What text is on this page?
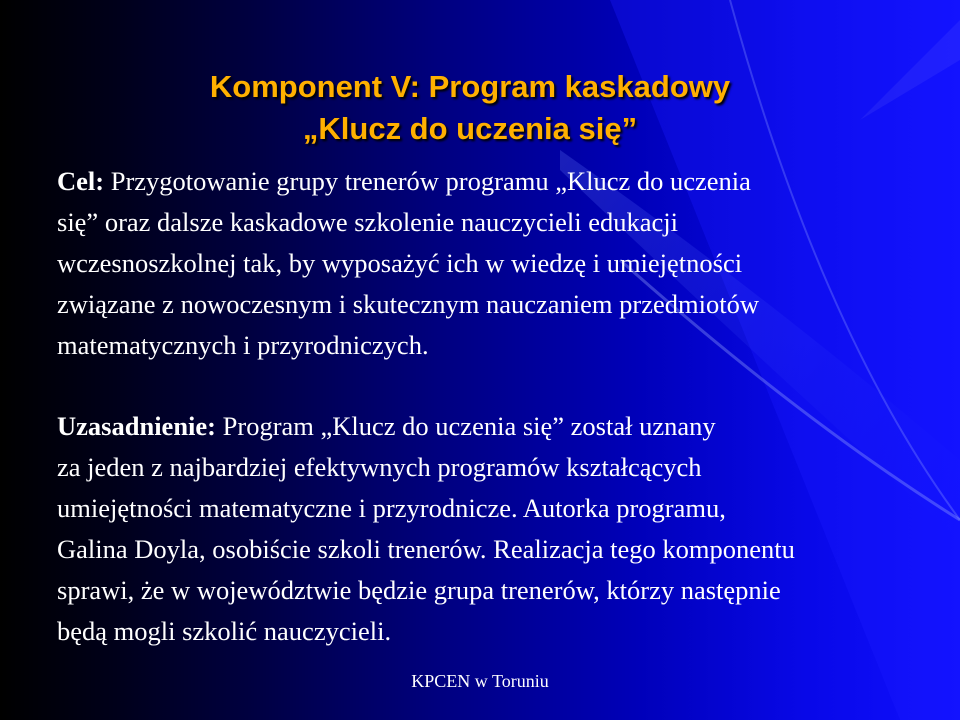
Komponent V: Program kaskadowy
„Klucz do uczenia się”
Cel: Przygotowanie grupy trenerów programu „Klucz do uczenia
się” oraz dalsze kaskadowe szkolenie nauczycieli edukacji
wczesnoszkolnej tak, by wyposażyć ich w wiedzę i umiejętności
związane z nowoczesnym i skutecznym nauczaniem przedmiotów
matematycznych i przyrodniczych.
Uzasadnienie: Program „Klucz do uczenia się” został uznany
za jeden z najbardziej efektywnych programów kształcących
umiejętności matematyczne i przyrodnicze. Autorka programu,
Galina Doyla, osobiście szkoli trenerów. Realizacja tego komponentu
sprawi, że w województwie będzie grupa trenerów, którzy następnie
będą mogli szkolić nauczycieli.
KPCEN w Toruniu
